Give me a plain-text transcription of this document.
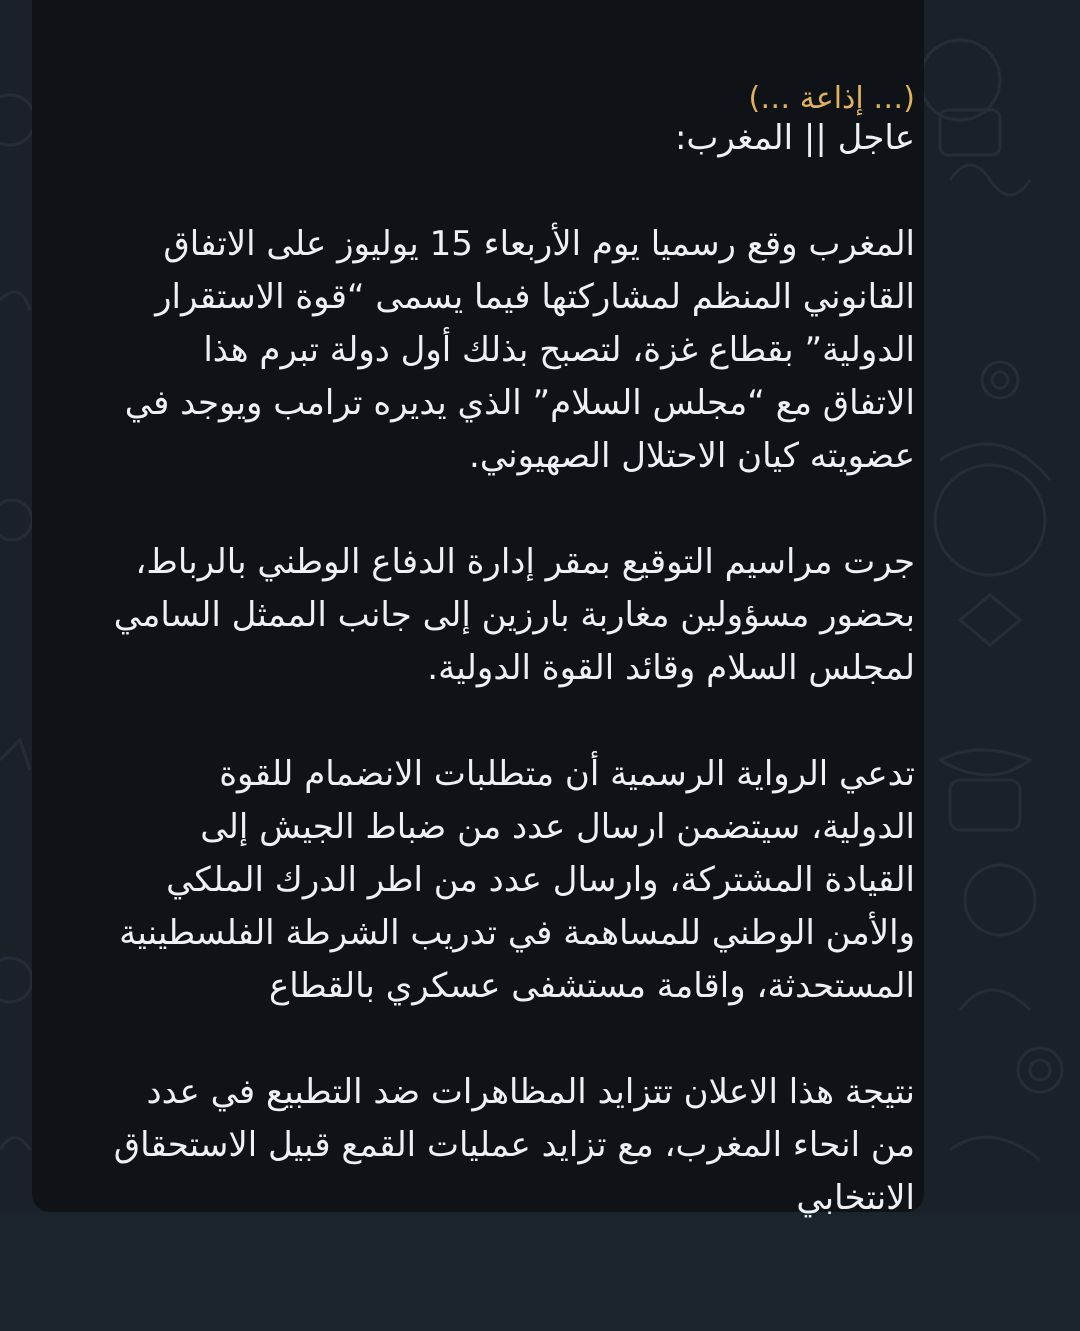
(… إذاعة …)
عاجل || المغرب:
المغرب وقع رسميا يوم الأربعاء 15 يوليوز على الاتفاق القانوني المنظم لمشاركتها فيما يسمى “قوة الاستقرار الدولية” بقطاع غزة، لتصبح بذلك أول دولة تبرم هذا الاتفاق مع “مجلس السلام” الذي يديره ترامب ويوجد في عضويته كيان الاحتلال الصهيوني.
جرت مراسيم التوقيع بمقر إدارة الدفاع الوطني بالرباط، بحضور مسؤولين مغاربة بارزين إلى جانب الممثل السامي لمجلس السلام وقائد القوة الدولية.
تدعي الرواية الرسمية أن متطلبات الانضمام للقوة الدولية، سيتضمن ارسال عدد من ضباط الجيش إلى القيادة المشتركة، وارسال عدد من اطر الدرك الملكي والأمن الوطني للمساهمة في تدريب الشرطة الفلسطينية المستحدثة، واقامة مستشفى عسكري بالقطاع
نتيجة هذا الاعلان تتزايد المظاهرات ضد التطبيع في عدد من انحاء المغرب، مع تزايد عمليات القمع قبيل الاستحقاق الانتخابي
